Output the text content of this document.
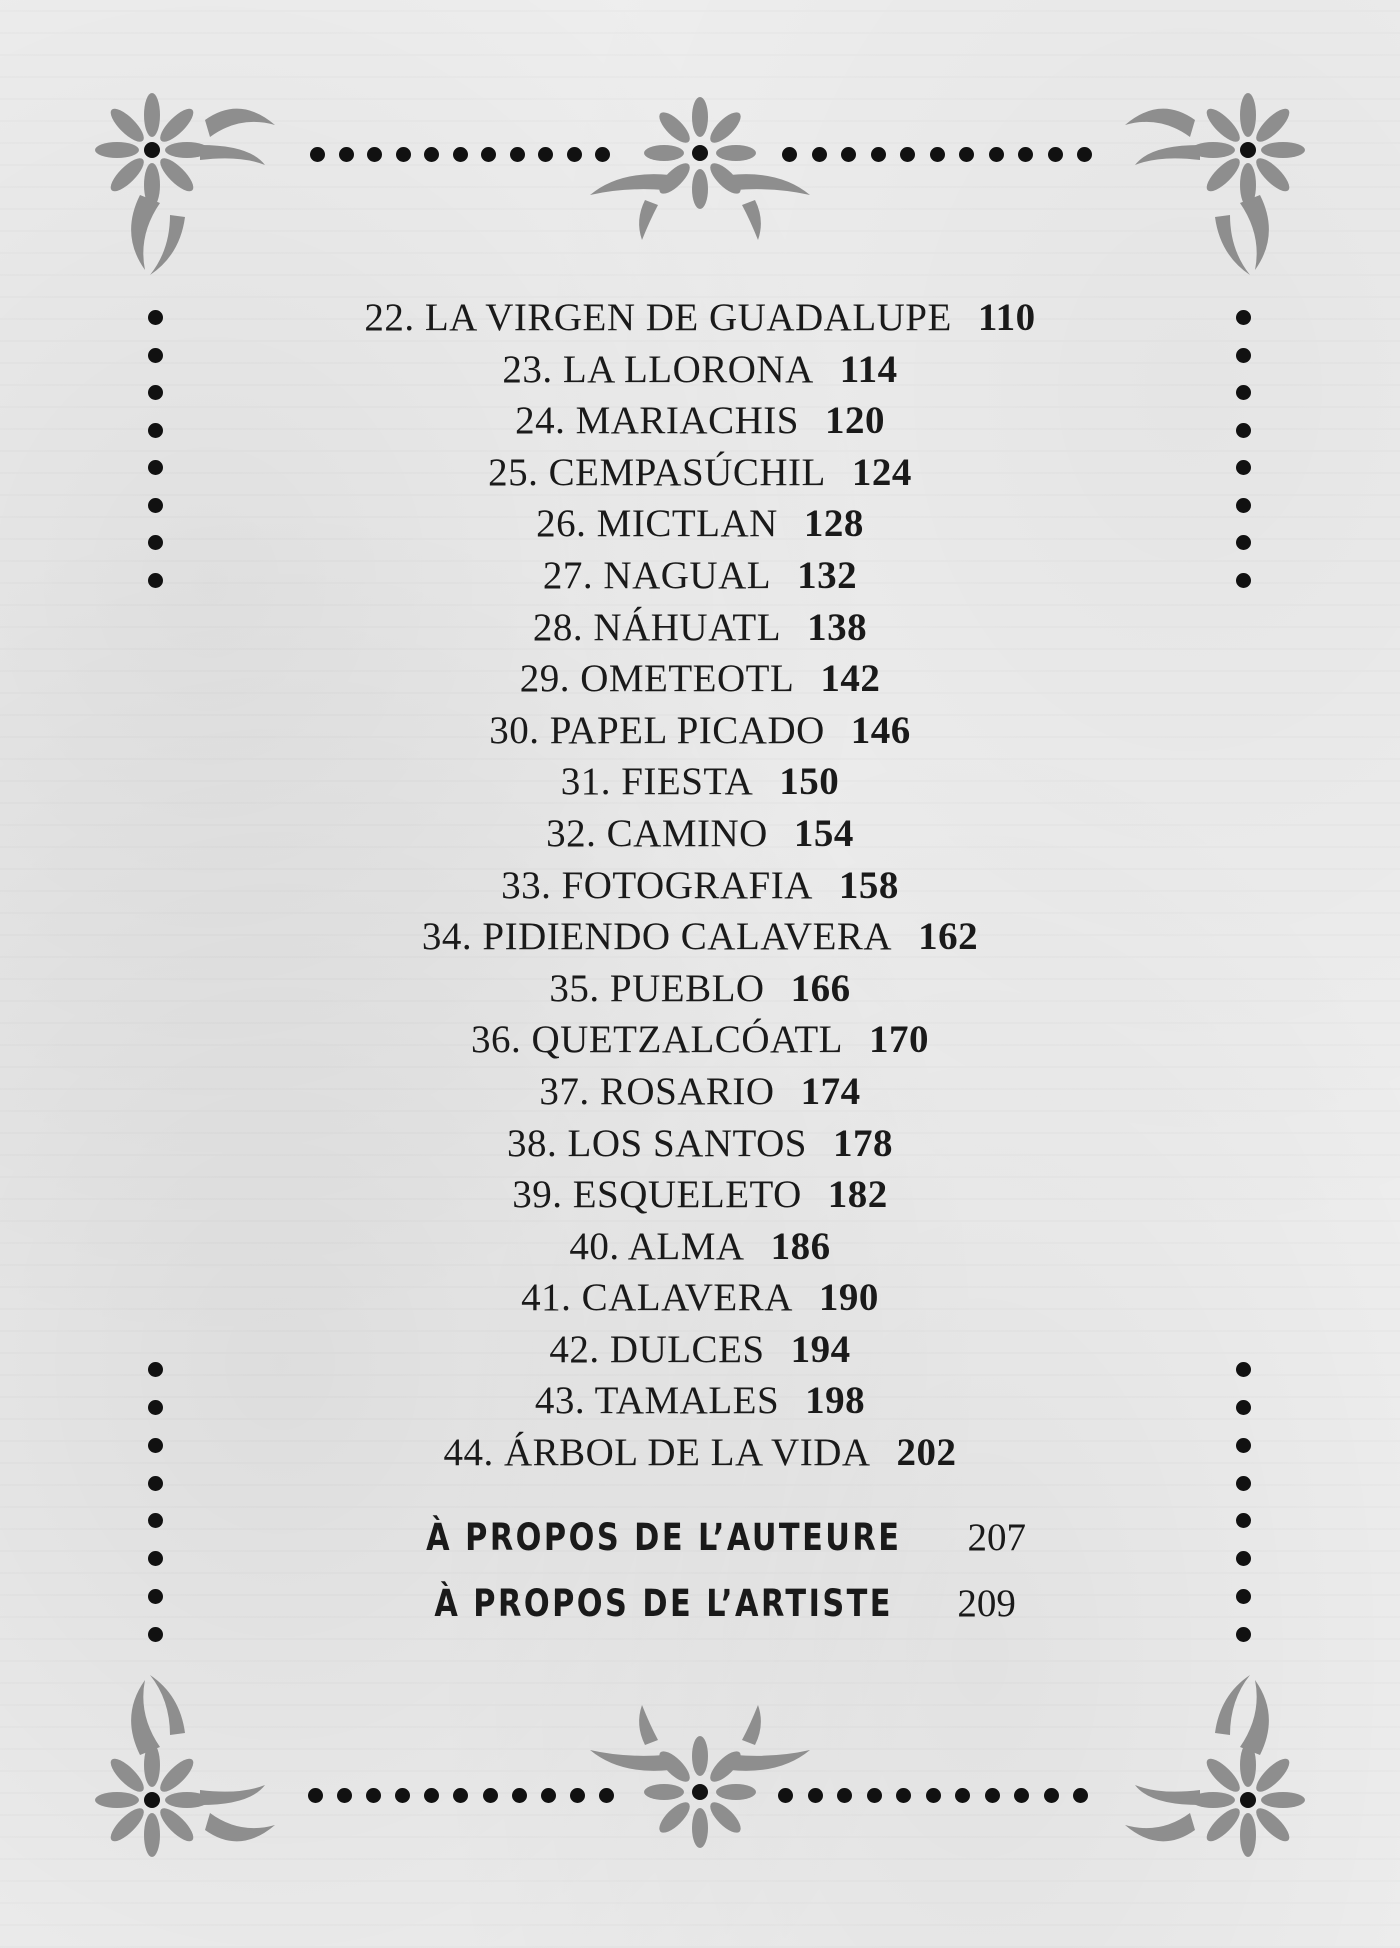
22. LA VIRGEN DE GUADALUPE 110
23. LA LLORONA 114
24. MARIACHIS 120
25. CEMPASÚCHIL 124
26. MICTLAN 128
27. NAGUAL 132
28. NÁHUATL 138
29. OMETEOTL 142
30. PAPEL PICADO 146
31. FIESTA 150
32. CAMINO 154
33. FOTOGRAFIA 158
34. PIDIENDO CALAVERA 162
35. PUEBLO 166
36. QUETZALCÓATL 170
37. ROSARIO 174
38. LOS SANTOS 178
39. ESQUELETO 182
40. ALMA 186
41. CALAVERA 190
42. DULCES 194
43. TAMALES 198
44. ÁRBOL DE LA VIDA 202
À PROPOS DE L’AUTEURE 207
À PROPOS DE L’ARTISTE 209
